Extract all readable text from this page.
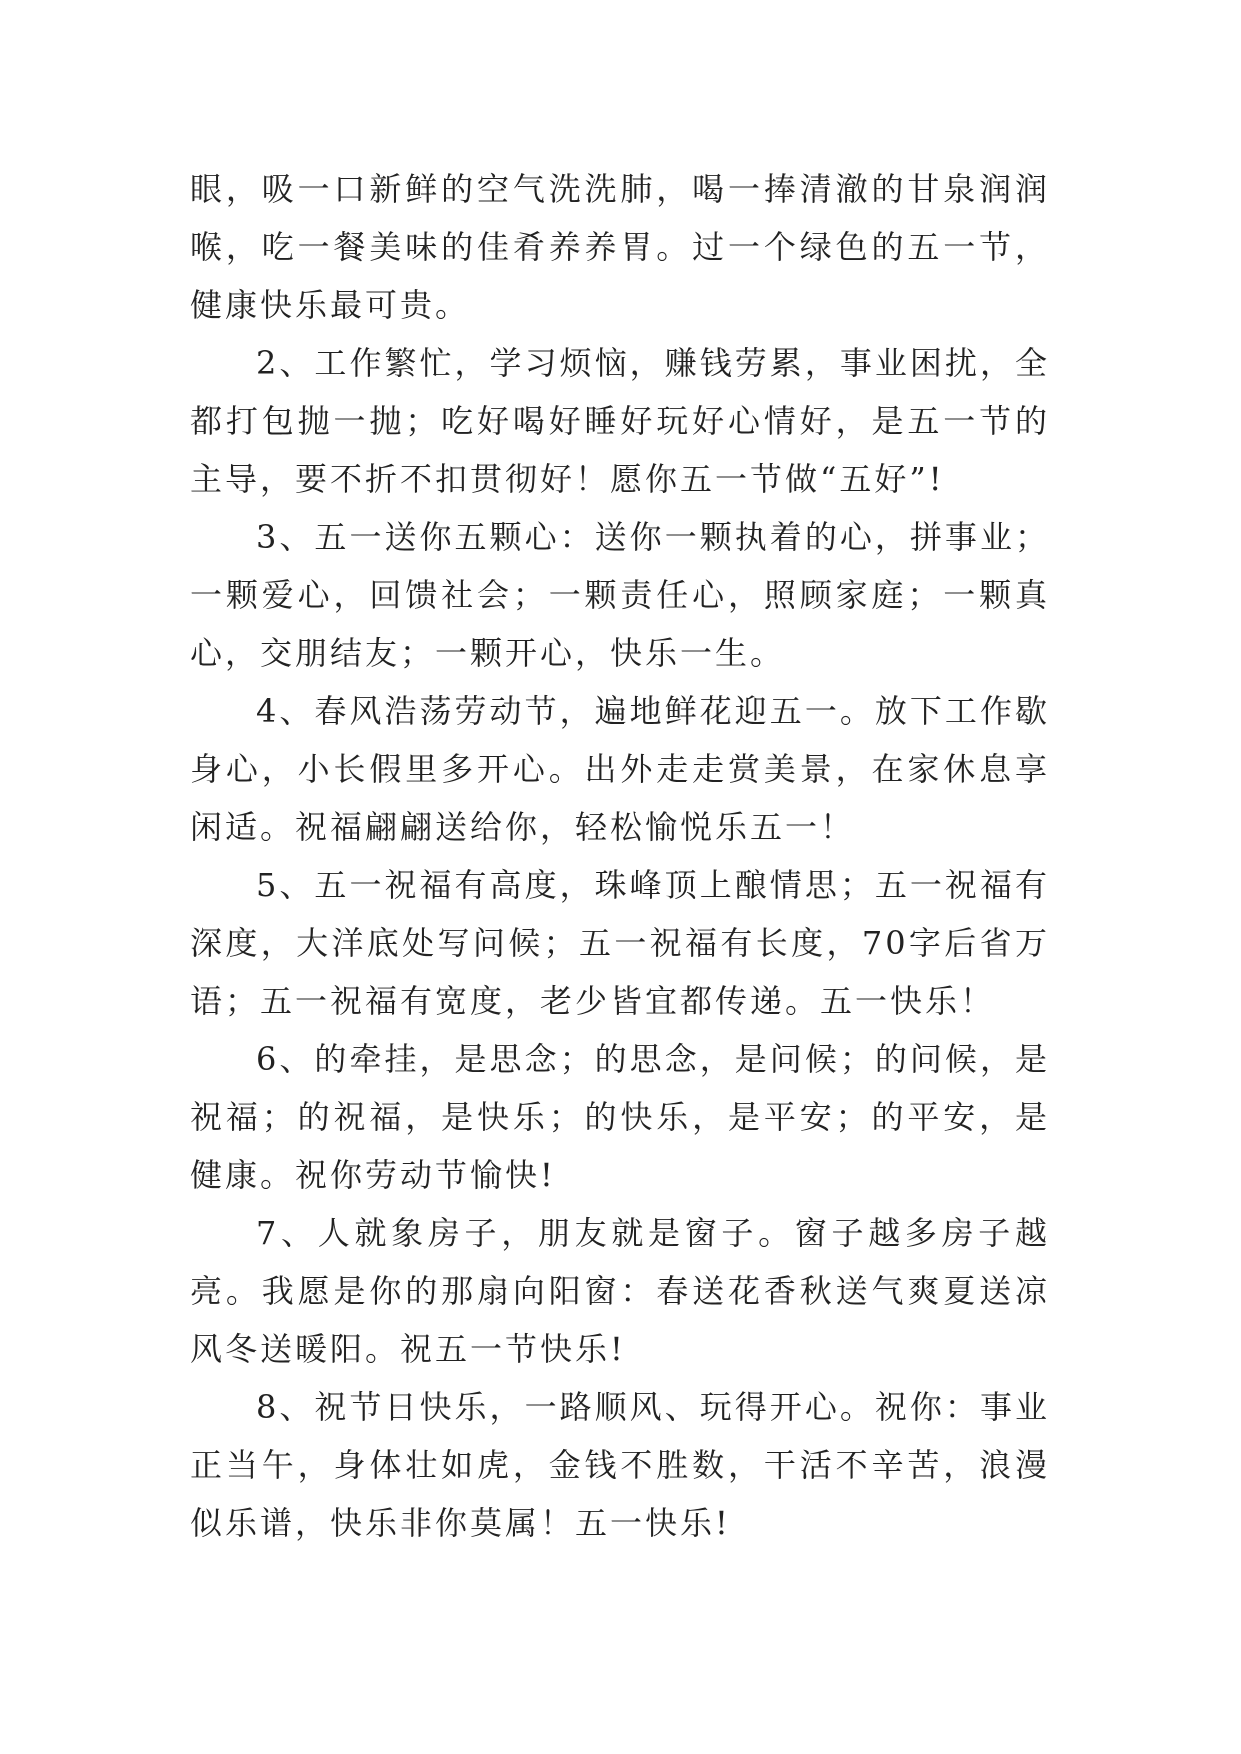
眼，吸一口新鲜的空气洗洗肺，喝一捧清澈的甘泉润润喉，吃一餐美味的佳肴养养胃。过一个绿色的五一节，健康快乐最可贵。

2、工作繁忙，学习烦恼，赚钱劳累，事业困扰，全都打包抛一抛；吃好喝好睡好玩好心情好，是五一节的主导，要不折不扣贯彻好！愿你五一节做“五好”!

3、五一送你五颗心：送你一颗执着的心，拼事业；一颗爱心，回馈社会；一颗责任心，照顾家庭；一颗真心，交朋结友；一颗开心，快乐一生。

4、春风浩荡劳动节，遍地鲜花迎五一。放下工作歇身心，小长假里多开心。出外走走赏美景，在家休息享闲适。祝福翩翩送给你，轻松愉悦乐五一！

5、五一祝福有高度，珠峰顶上酿情思；五一祝福有深度，大洋底处写问候；五一祝福有长度，70字后省万语；五一祝福有宽度，老少皆宜都传递。五一快乐！

6、的牵挂，是思念；的思念，是问候；的问候，是祝福；的祝福，是快乐；的快乐，是平安；的平安，是健康。祝你劳动节愉快!

7、人就象房子，朋友就是窗子。窗子越多房子越亮。我愿是你的那扇向阳窗：春送花香秋送气爽夏送凉风冬送暖阳。祝五一节快乐!

8、祝节日快乐，一路顺风、玩得开心。祝你：事业正当午，身体壮如虎，金钱不胜数，干活不辛苦，浪漫似乐谱，快乐非你莫属！五一快乐!
